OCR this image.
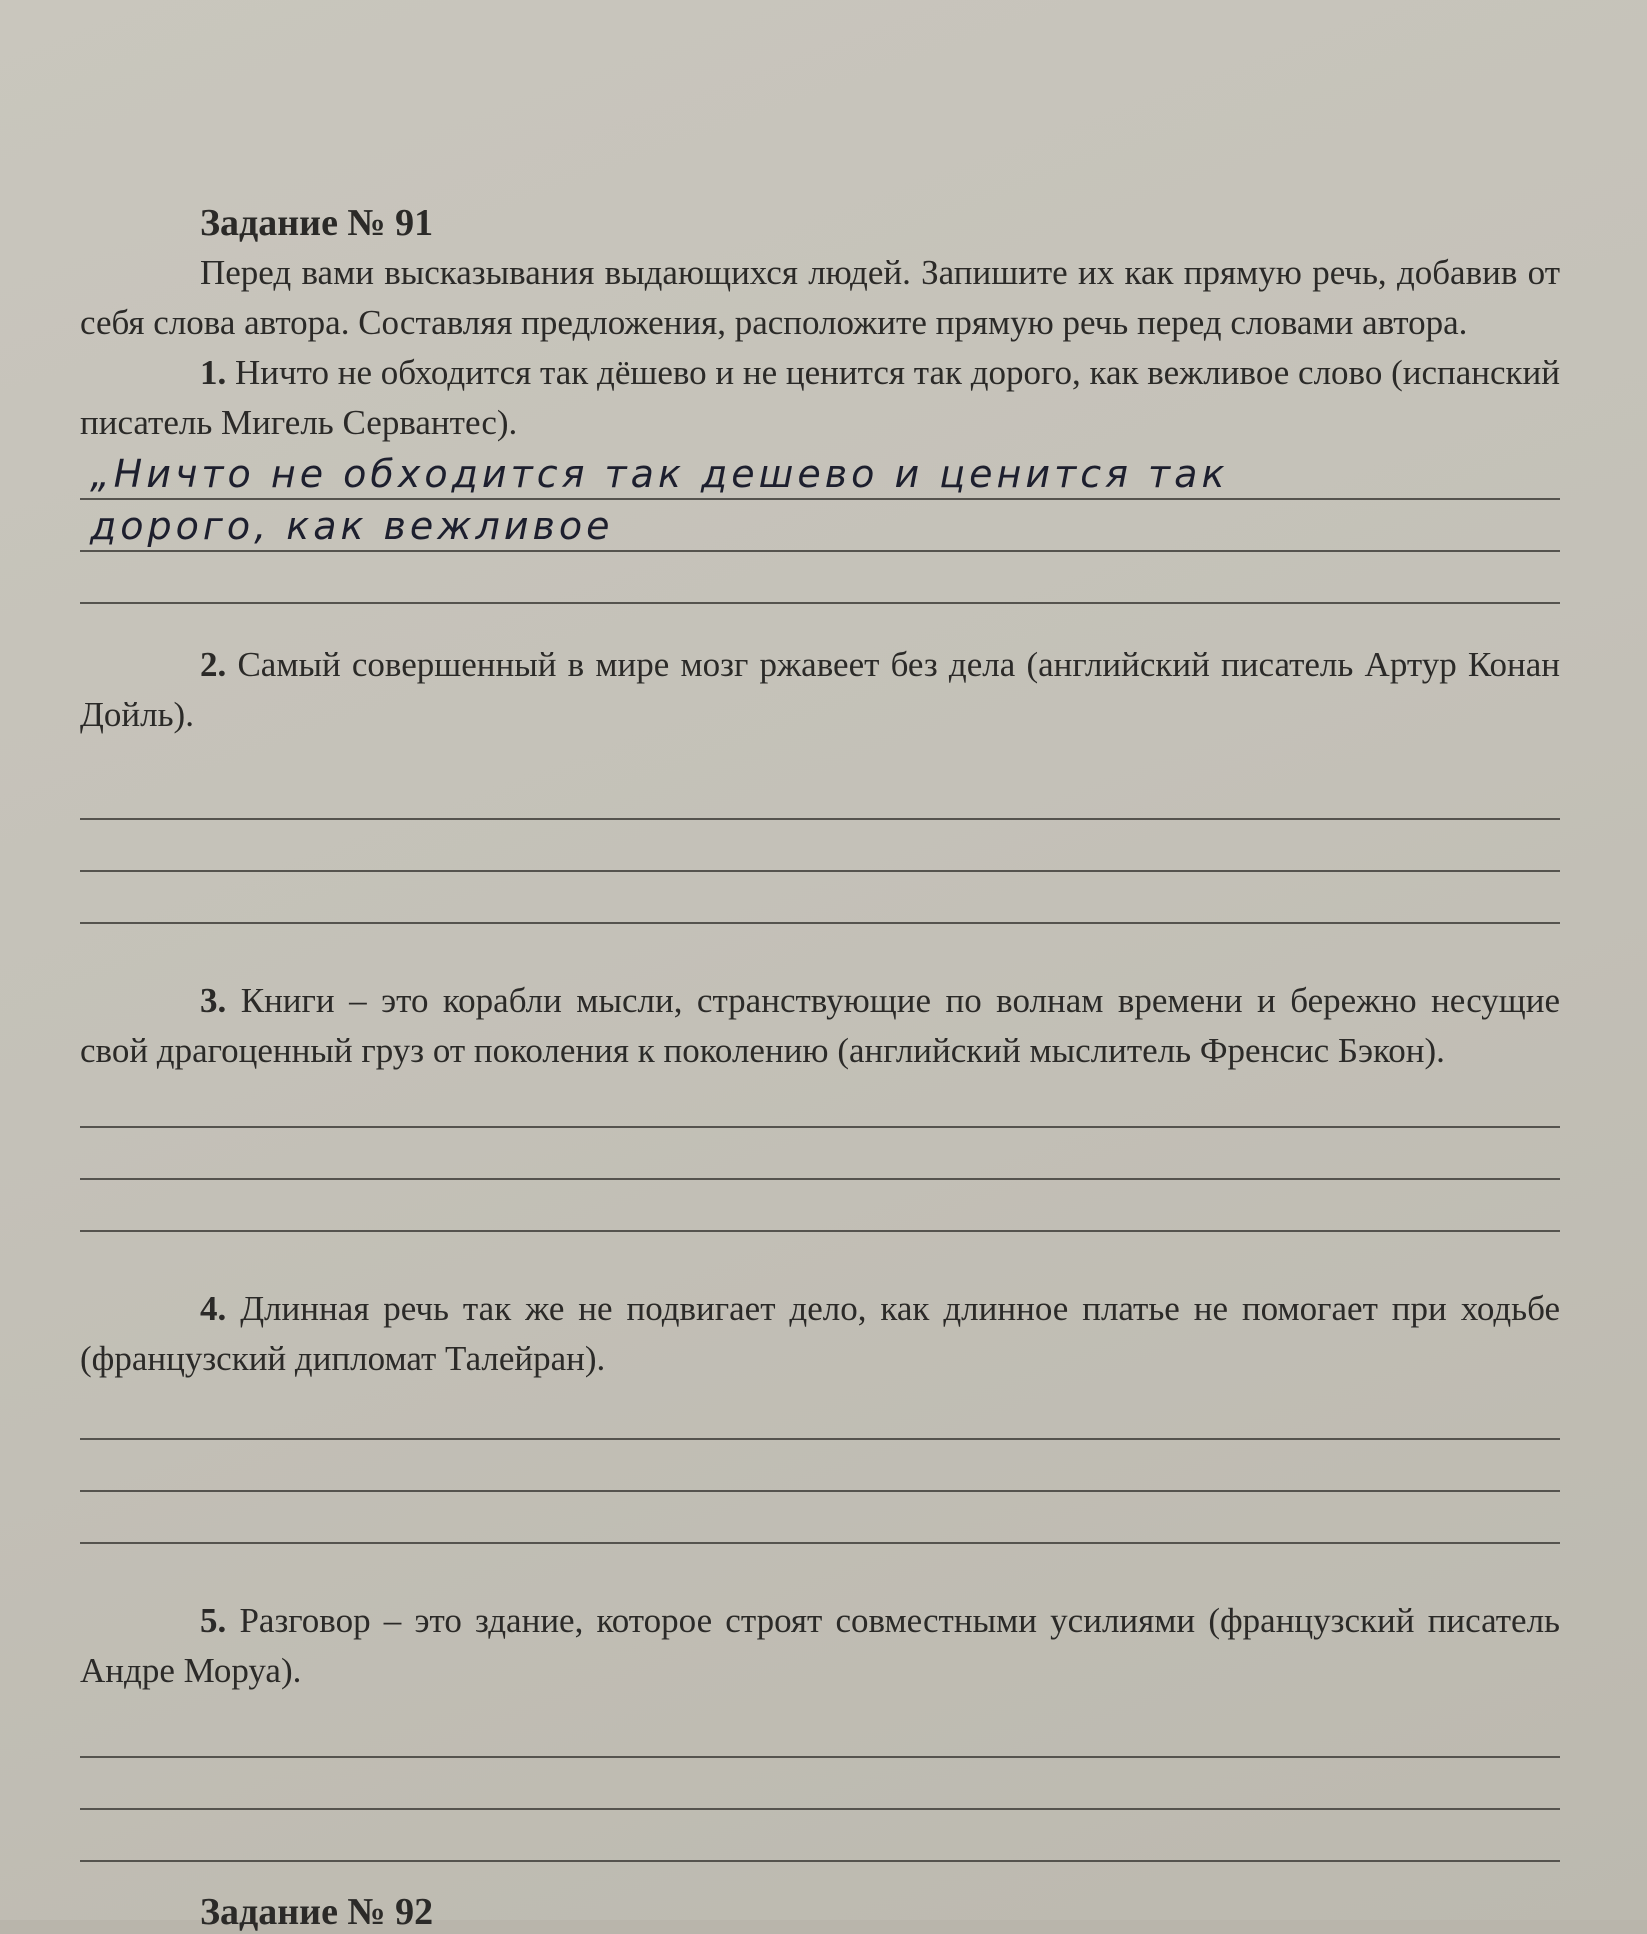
Задание № 91

Перед вами высказывания выдающихся людей. Запишите их как прямую речь, добавив от себя слова автора. Составляя предложения, расположите прямую речь перед словами автора.

1. Ничто не обходится так дёшево и не ценится так дорого, как вежливое слово (испанский писатель Мигель Сервантес).

„Ничто не обходится так дешево и ценится так
дорого, как вежливое

2. Самый совершенный в мире мозг ржавеет без дела (английский писатель Артур Конан Дойль).

3. Книги – это корабли мысли, странствующие по волнам времени и бережно несущие свой драгоценный груз от поколения к поколению (английский мыслитель Френсис Бэкон).

4. Длинная речь так же не подвигает дело, как длинное платье не помогает при ходьбе (французский дипломат Талейран).

5. Разговор – это здание, которое строят совместными усилиями (французский писатель Андре Моруа).

Задание № 92
